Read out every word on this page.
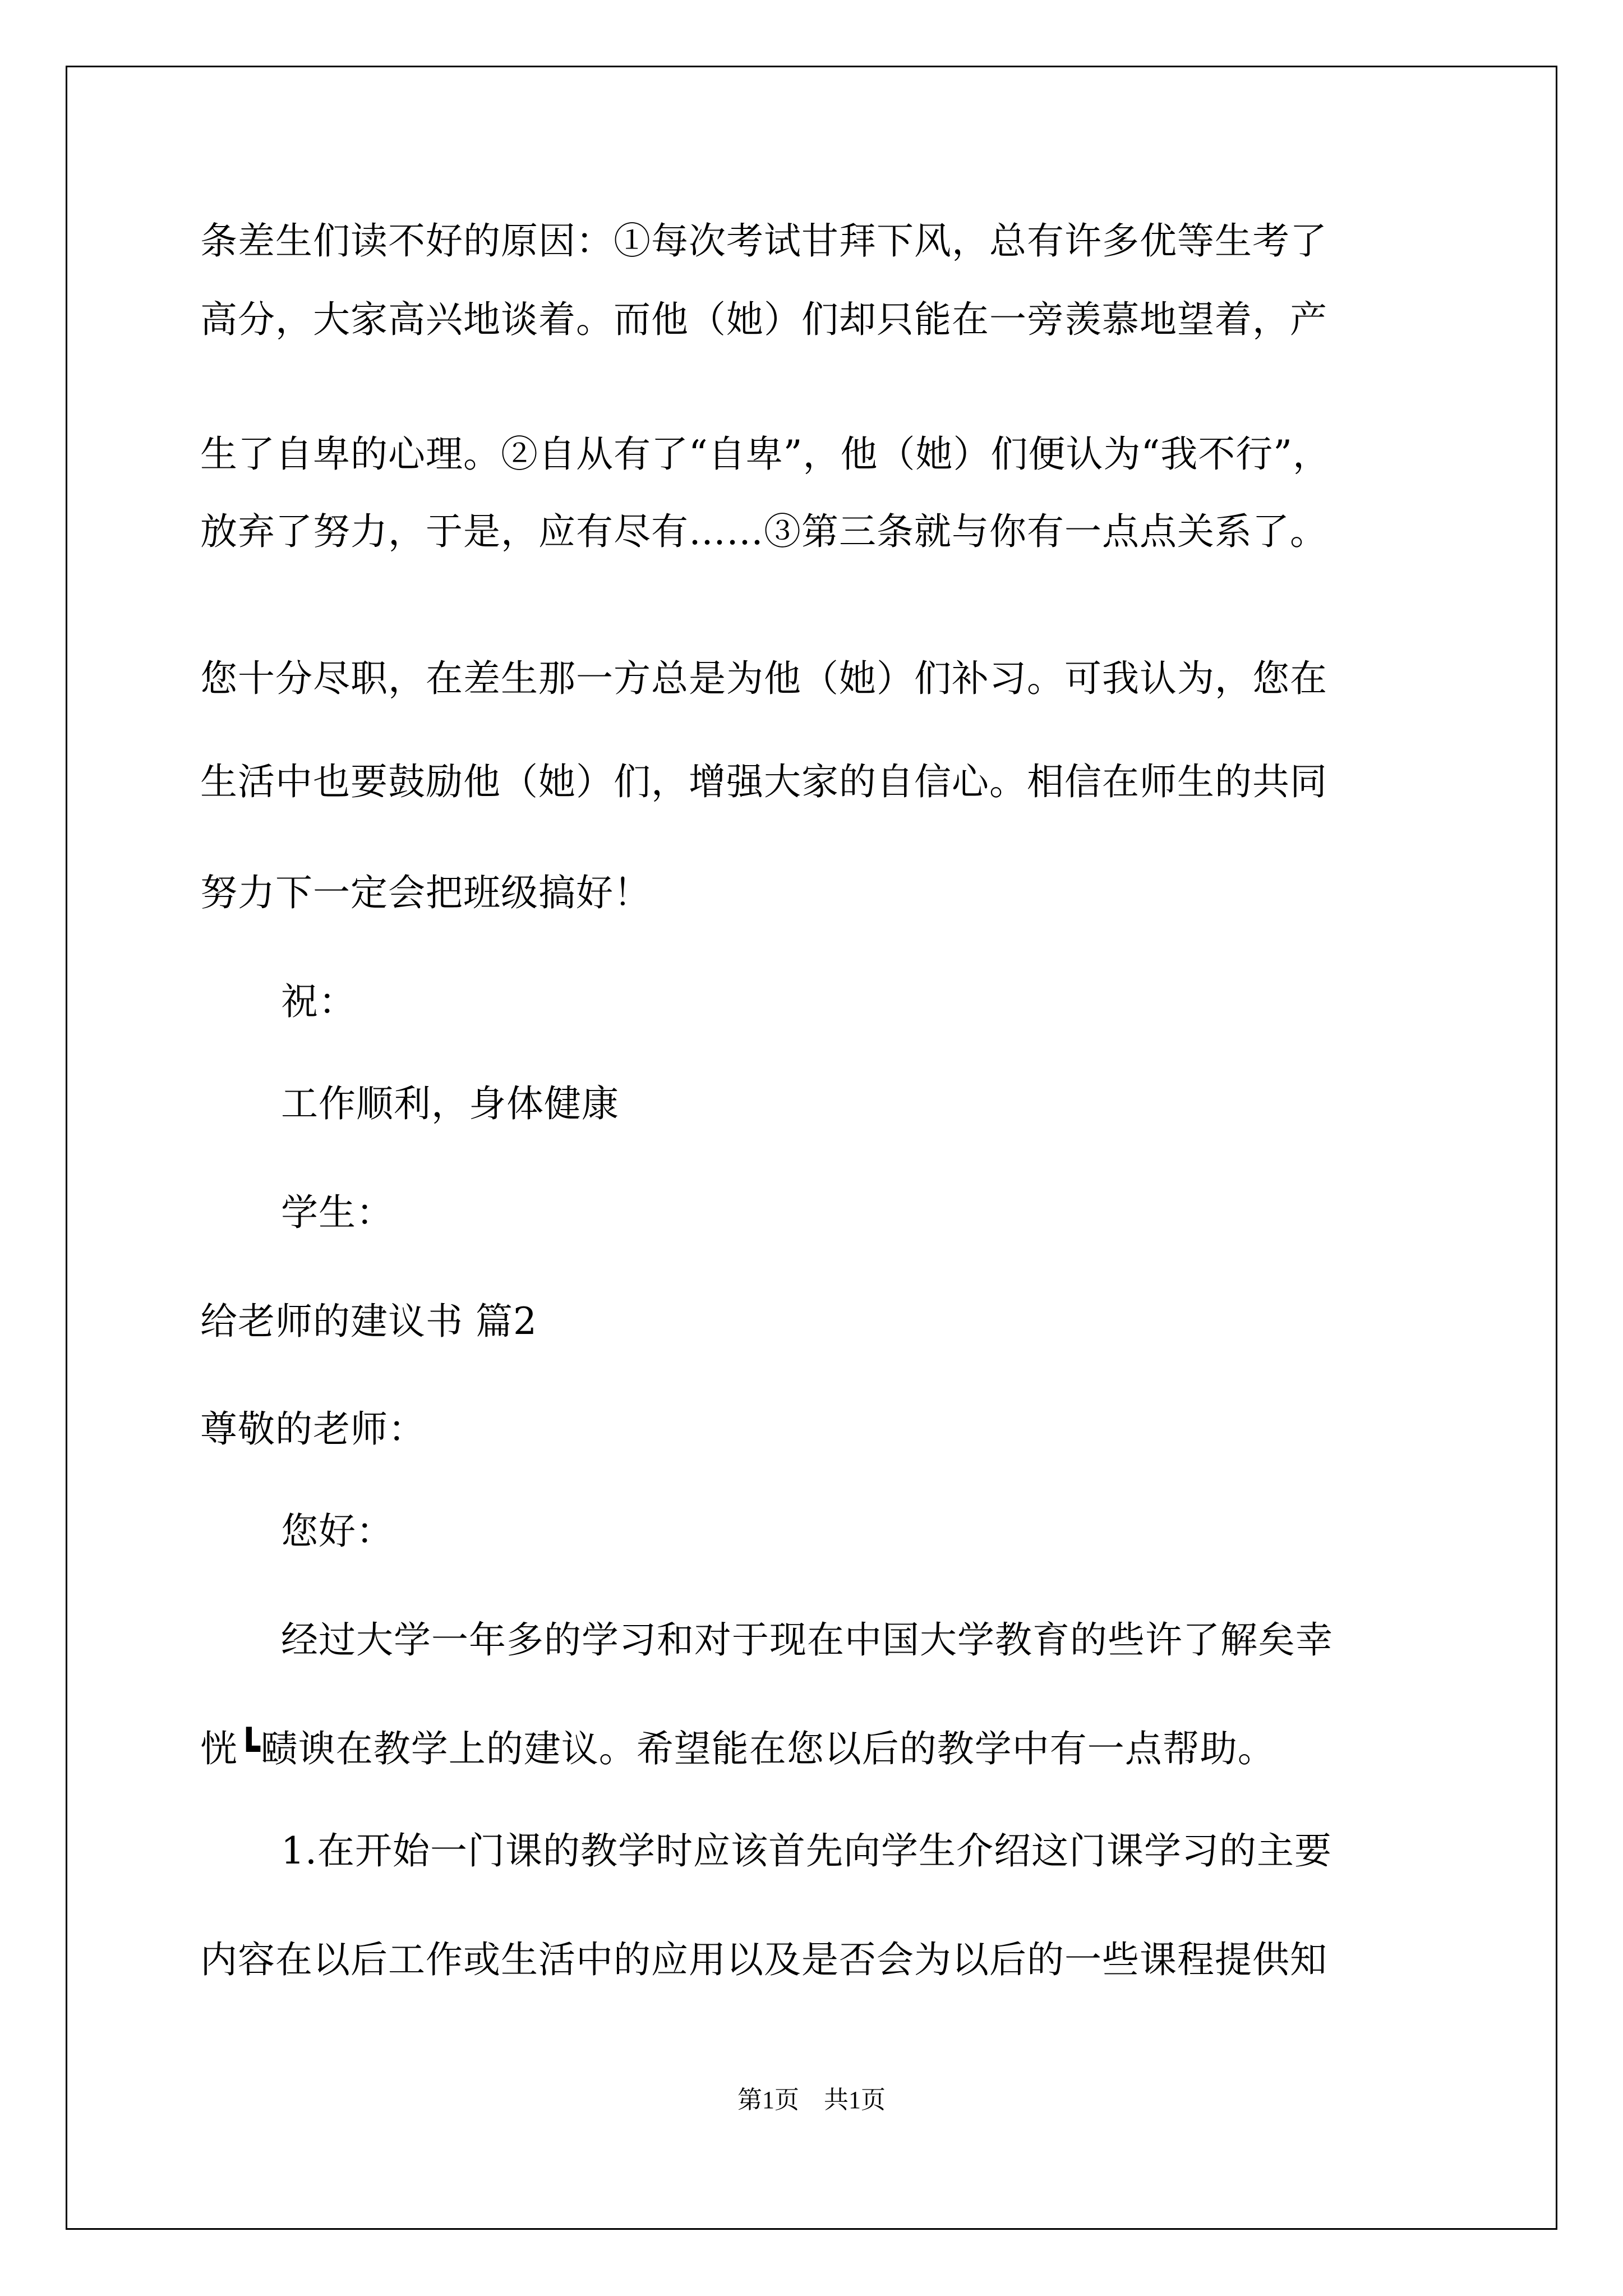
条差生们读不好的原因：①每次考试甘拜下风，总有许多优等生考了
高分，大家高兴地谈着。而他（她）们却只能在一旁羡慕地望着，产
生了自卑的心理。②自从有了“自卑”，他（她）们便认为“我不行”，
放弃了努力，于是，应有尽有……③第三条就与你有一点点关系了。
您十分尽职，在差生那一方总是为他（她）们补习。可我认为，您在
生活中也要鼓励他（她）们，增强大家的自信心。相信在师生的共同
努力下一定会把班级搞好！
祝：
工作顺利，身体健康
学生：
给老师的建议书 篇2
尊敬的老师：
您好：
经过大学一年多的学习和对于现在中国大学教育的些许了解矣幸
恍┗赜谀在教学上的建议。希望能在您以后的教学中有一点帮助。
1.在开始一门课的教学时应该首先向学生介绍这门课学习的主要
内容在以后工作或生活中的应用以及是否会为以后的一些课程提供知
第1页　共1页
